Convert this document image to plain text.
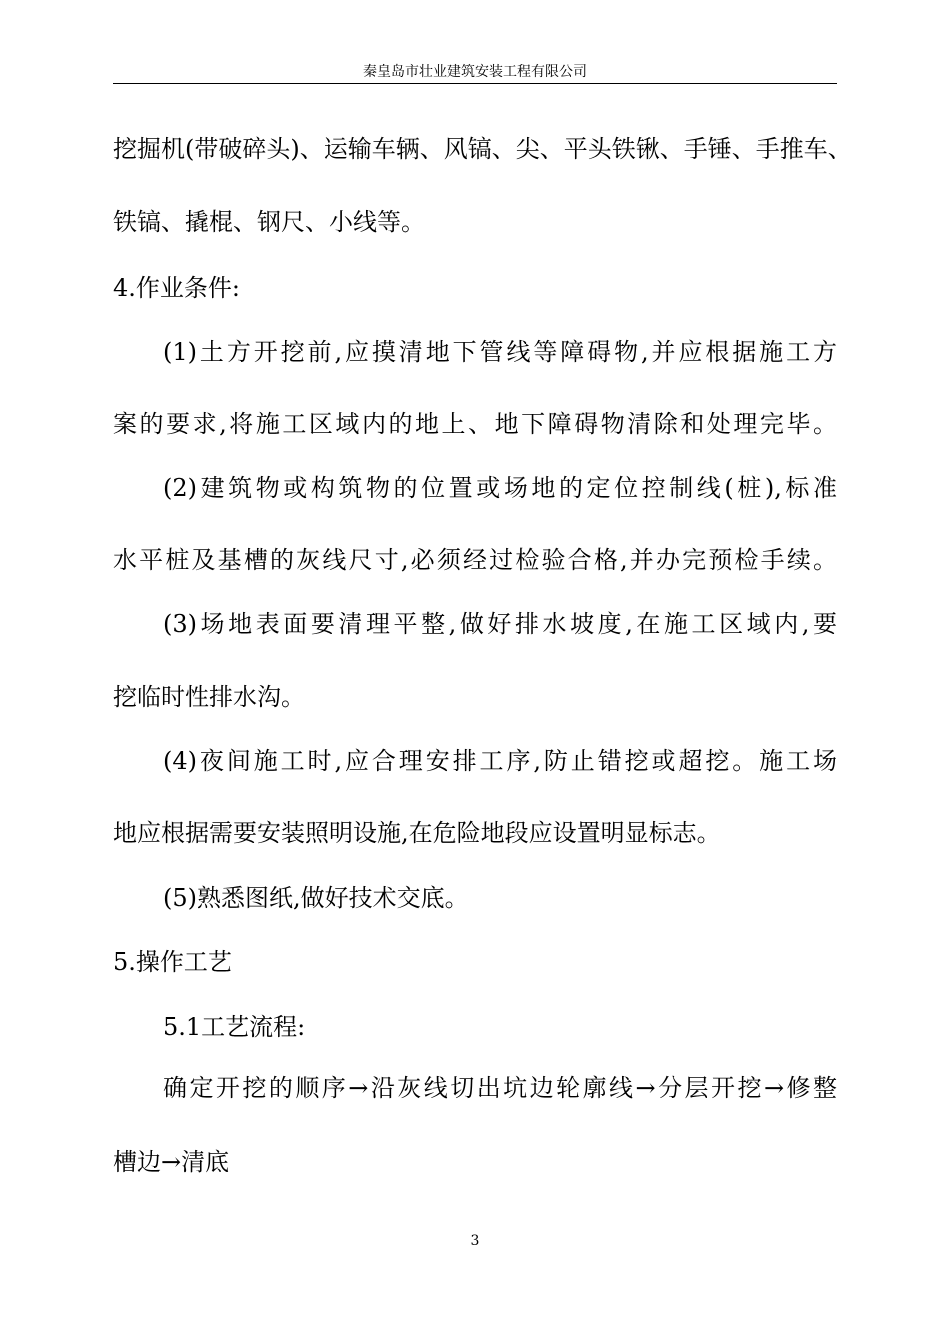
秦皇岛市壮业建筑安装工程有限公司
挖掘机(带破碎头)、运输车辆、风镐、尖、平头铁锹、手锤、手推车、
铁镐、撬棍、钢尺、小线等。
4.作业条件:
(1)土方开挖前,应摸清地下管线等障碍物,并应根据施工方
案的要求,将施工区域内的地上、地下障碍物清除和处理完毕。
(2)建筑物或构筑物的位置或场地的定位控制线(桩),标准
水平桩及基槽的灰线尺寸,必须经过检验合格,并办完预检手续。
(3)场地表面要清理平整,做好排水坡度,在施工区域内,要
挖临时性排水沟。
(4)夜间施工时,应合理安排工序,防止错挖或超挖。施工场
地应根据需要安装照明设施,在危险地段应设置明显标志。
(5)熟悉图纸,做好技术交底。
5.操作工艺
5.1工艺流程:
确定开挖的顺序→沿灰线切出坑边轮廓线→分层开挖→修整
槽边→清底
3
